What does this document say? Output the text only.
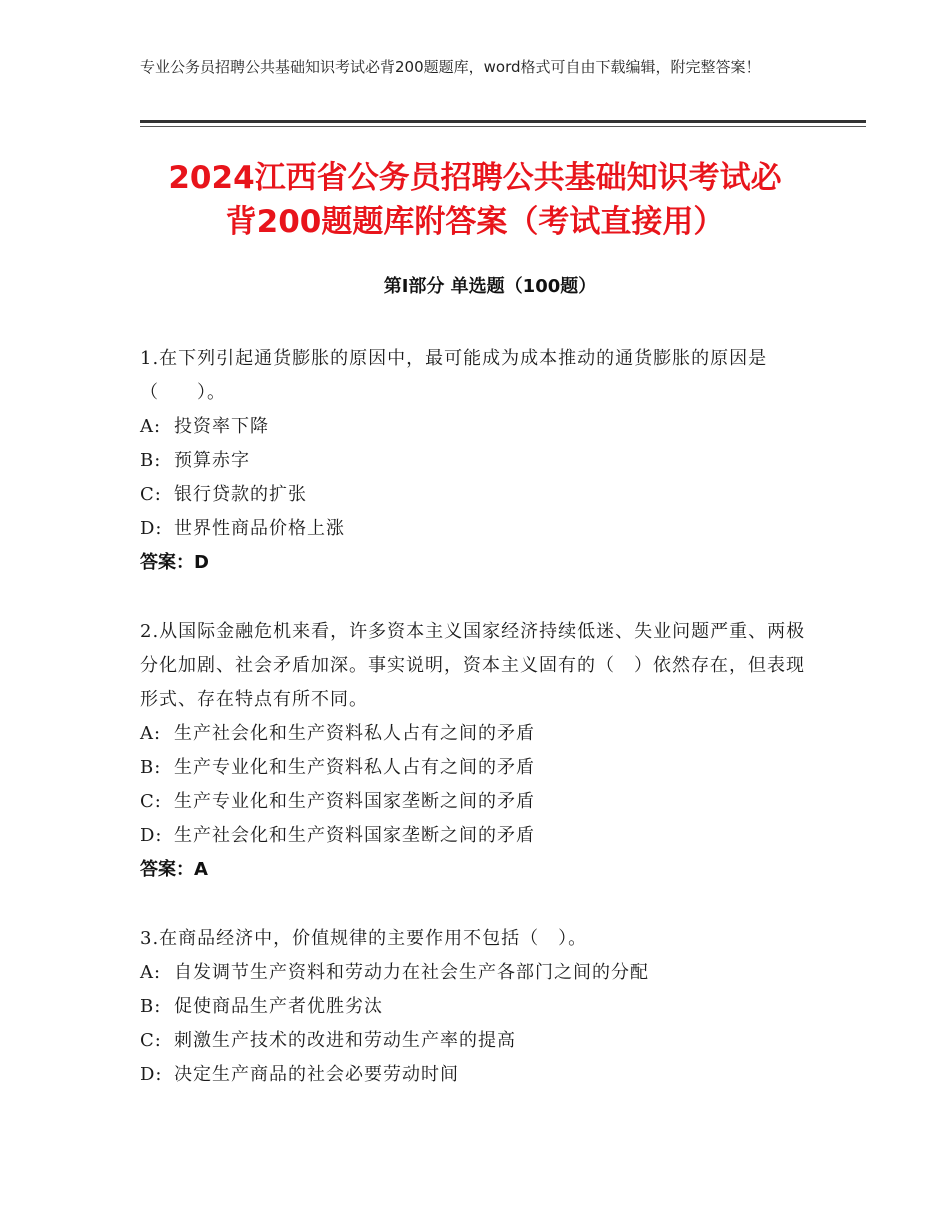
专业公务员招聘公共基础知识考试必背200题题库，word格式可自由下载编辑，附完整答案！
2024江西省公务员招聘公共基础知识考试必
背200题题库附答案（考试直接用）
第I部分 单选题（100题）
1.在下列引起通货膨胀的原因中，最可能成为成本推动的通货膨胀的原因是（　　）。
A: 投资率下降
B: 预算赤字
C: 银行贷款的扩张
D: 世界性商品价格上涨
答案：D
2.从国际金融危机来看，许多资本主义国家经济持续低迷、失业问题严重、两极分化加剧、社会矛盾加深。事实说明，资本主义固有的（　）依然存在，但表现形式、存在特点有所不同。
A: 生产社会化和生产资料私人占有之间的矛盾
B: 生产专业化和生产资料私人占有之间的矛盾
C: 生产专业化和生产资料国家垄断之间的矛盾
D: 生产社会化和生产资料国家垄断之间的矛盾
答案：A
3.在商品经济中，价值规律的主要作用不包括（　）。
A: 自发调节生产资料和劳动力在社会生产各部门之间的分配
B: 促使商品生产者优胜劣汰
C: 刺激生产技术的改进和劳动生产率的提高
D: 决定生产商品的社会必要劳动时间
